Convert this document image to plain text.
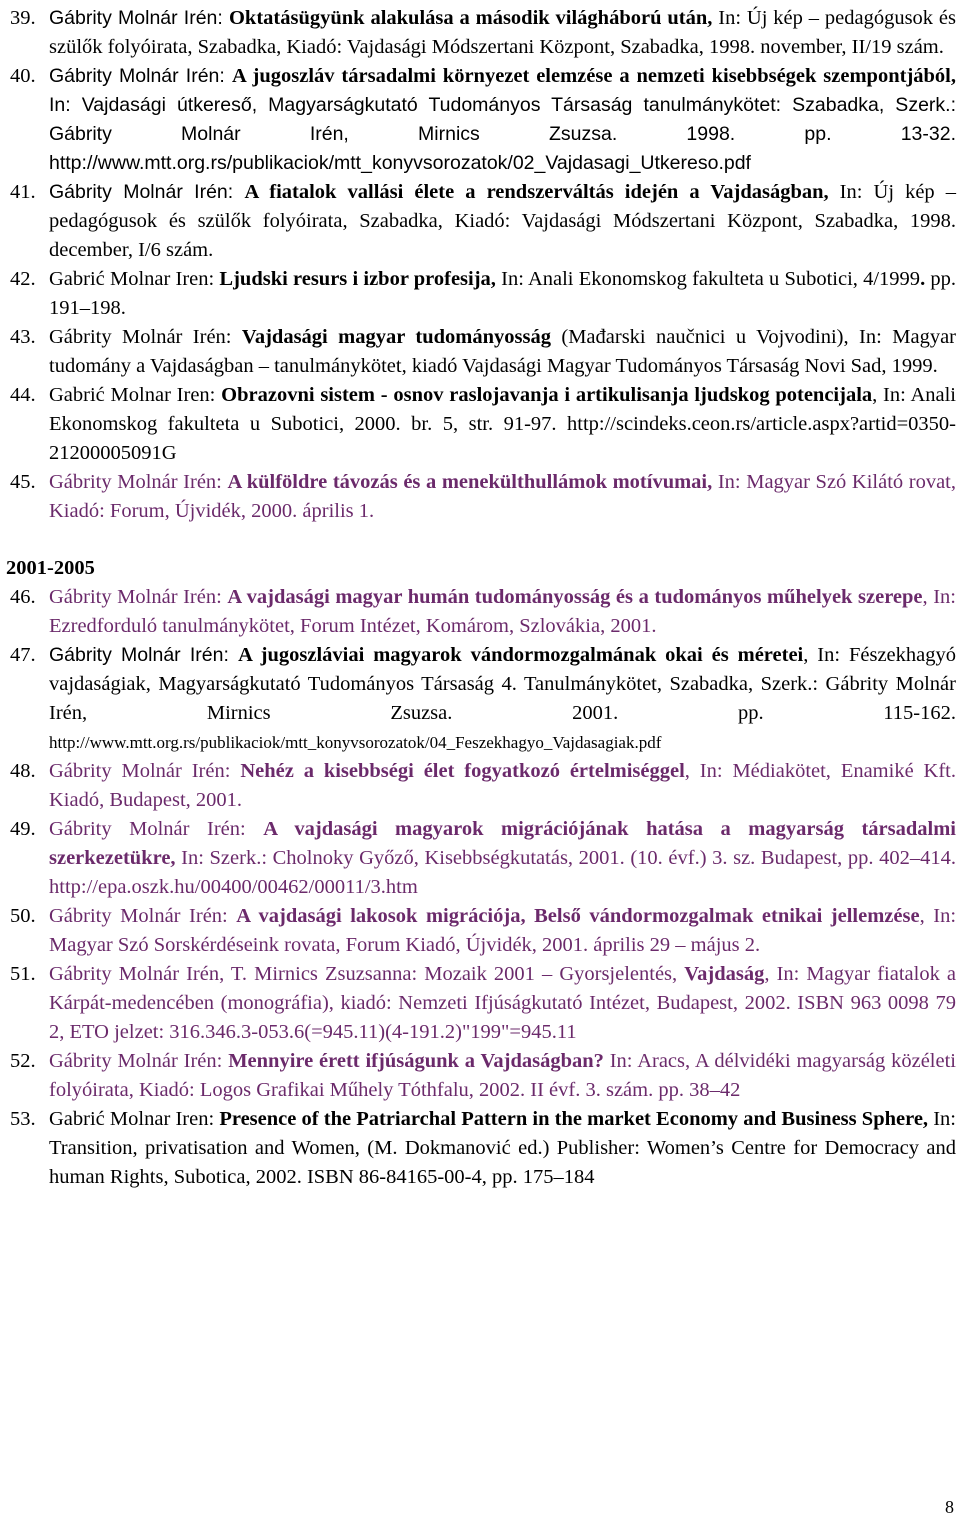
39. Gábrity Molnár Irén: Oktatásügyünk alakulása a második világháború után, In: Új kép – pedagógusok és szülők folyóirata, Szabadka, Kiadó: Vajdasági Módszertani Központ, Szabadka, 1998. november, II/19 szám.
40. Gábrity Molnár Irén: A jugoszláv társadalmi környezet elemzése a nemzeti kisebbségek szempontjából, In: Vajdasági útkereső, Magyarságkutató Tudományos Társaság tanulmánykötet: Szabadka, Szerk.: Gábrity Molnár Irén, Mirnics Zsuzsa. 1998. pp. 13-32. http://www.mtt.org.rs/publikaciok/mtt_konyvsorozatok/02_Vajdasagi_Utkereso.pdf
41. Gábrity Molnár Irén: A fiatalok vallási élete a rendszerváltás idején a Vajdaságban, In: Új kép – pedagógusok és szülők folyóirata, Szabadka, Kiadó: Vajdasági Módszertani Központ, Szabadka, 1998. december, I/6 szám.
42. Gabrić Molnar Iren: Ljudski resurs i izbor profesija, In: Anali Ekonomskog fakulteta u Subotici, 4/1999. pp. 191–198.
43. Gábrity Molnár Irén: Vajdasági magyar tudományosság (Mađarski naučnici u Vojvodini), In: Magyar tudomány a Vajdaságban – tanulmánykötet, kiadó Vajdasági Magyar Tudományos Társaság Novi Sad, 1999.
44. Gabrić Molnar Iren: Obrazovni sistem - osnov raslojavanja i artikulisanja ljudskog potencijala, In: Anali Ekonomskog fakulteta u Subotici, 2000. br. 5, str. 91-97. http://scindeks.ceon.rs/article.aspx?artid=0350-21200005091G
45. Gábrity Molnár Irén: A külföldre távozás és a menekülthullámok motívumai, In: Magyar Szó Kilátó rovat, Kiadó: Forum, Újvidék, 2000. április 1.
2001-2005
46. Gábrity Molnár Irén: A vajdasági magyar humán tudományosság és a tudományos műhelyek szerepe, In: Ezredforduló tanulmánykötet, Forum Intézet, Komárom, Szlovákia, 2001.
47. Gábrity Molnár Irén: A jugoszláviai magyarok vándormozgalmának okai és méretei, In: Fészekhagyó vajdaságiak, Magyarságkutató Tudományos Társaság 4. Tanulmánykötet, Szabadka, Szerk.: Gábrity Molnár Irén, Mirnics Zsuzsa. 2001. pp. 115-162. http://www.mtt.org.rs/publikaciok/mtt_konyvsorozatok/04_Feszekhagyo_Vajdasagiak.pdf
48. Gábrity Molnár Irén: Nehéz a kisebbségi élet fogyatkozó értelmiséggel, In: Médiakötet, Enamiké Kft. Kiadó, Budapest, 2001.
49. Gábrity Molnár Irén: A vajdasági magyarok migrációjának hatása a magyarság társadalmi szerkezetükre, In: Szerk.: Cholnoky Győző, Kisebbségkutatás, 2001. (10. évf.) 3. sz. Budapest, pp. 402–414. http://epa.oszk.hu/00400/00462/00011/3.htm
50. Gábrity Molnár Irén: A vajdasági lakosok migrációja, Belső vándormozgalmak etnikai jellemzése, In: Magyar Szó Sorskérdéseink rovata, Forum Kiadó, Újvidék, 2001. április 29 – május 2.
51. Gábrity Molnár Irén, T. Mirnics Zsuzsanna: Mozaik 2001 – Gyorsjelentés, Vajdaság, In: Magyar fiatalok a Kárpát-medencében (monográfia), kiadó: Nemzeti Ifjúságkutató Intézet, Budapest, 2002. ISBN 963 0098 79 2, ETO jelzet: 316.346.3-053.6(=945.11)(4-191.2)"199"=945.11
52. Gábrity Molnár Irén: Mennyire érett ifjúságunk a Vajdaságban? In: Aracs, A délvidéki magyarság közéleti folyóirata, Kiadó: Logos Grafikai Műhely Tóthfalu, 2002. II évf. 3. szám. pp. 38–42
53. Gabrić Molnar Iren: Presence of the Patriarchal Pattern in the market Economy and Business Sphere, In: Transition, privatisation and Women, (M. Dokmanović ed.) Publisher: Women’s Centre for Democracy and human Rights, Subotica, 2002. ISBN 86-84165-00-4, pp. 175–184
8
